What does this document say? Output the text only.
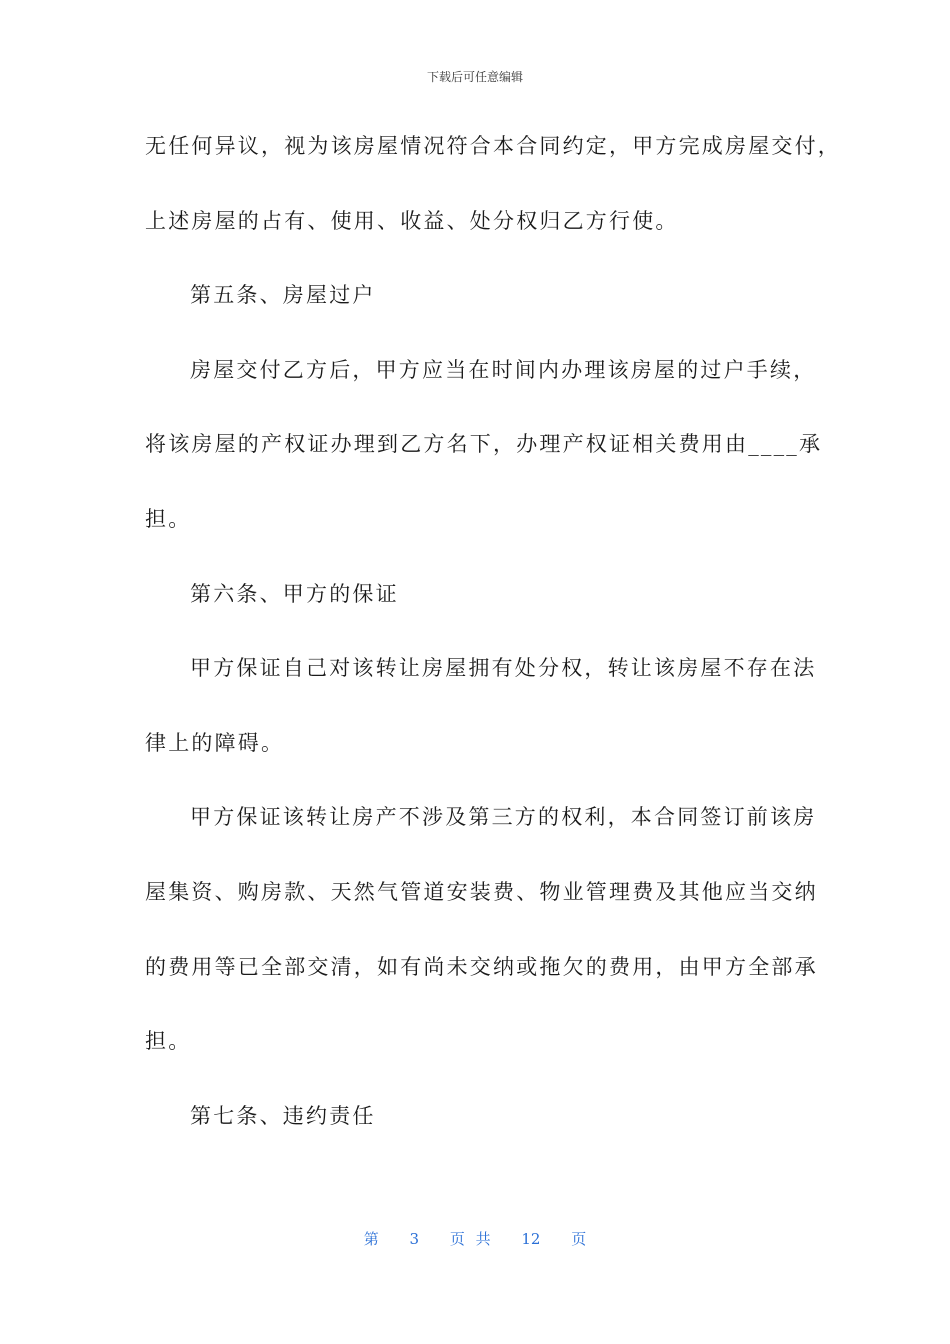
下载后可任意编辑
无任何异议，视为该房屋情况符合本合同约定，甲方完成房屋交付，
上述房屋的占有、使用、收益、处分权归乙方行使。
第五条、房屋过户
房屋交付乙方后，甲方应当在时间内办理该房屋的过户手续，
将该房屋的产权证办理到乙方名下，办理产权证相关费用由____承
担。
第六条、甲方的保证
甲方保证自己对该转让房屋拥有处分权，转让该房屋不存在法
律上的障碍。
甲方保证该转让房产不涉及第三方的权利，本合同签订前该房
屋集资、购房款、天然气管道安装费、物业管理费及其他应当交纳
的费用等已全部交清，如有尚未交纳或拖欠的费用，由甲方全部承
担。
第七条、违约责任
第 3 页 共 12 页
